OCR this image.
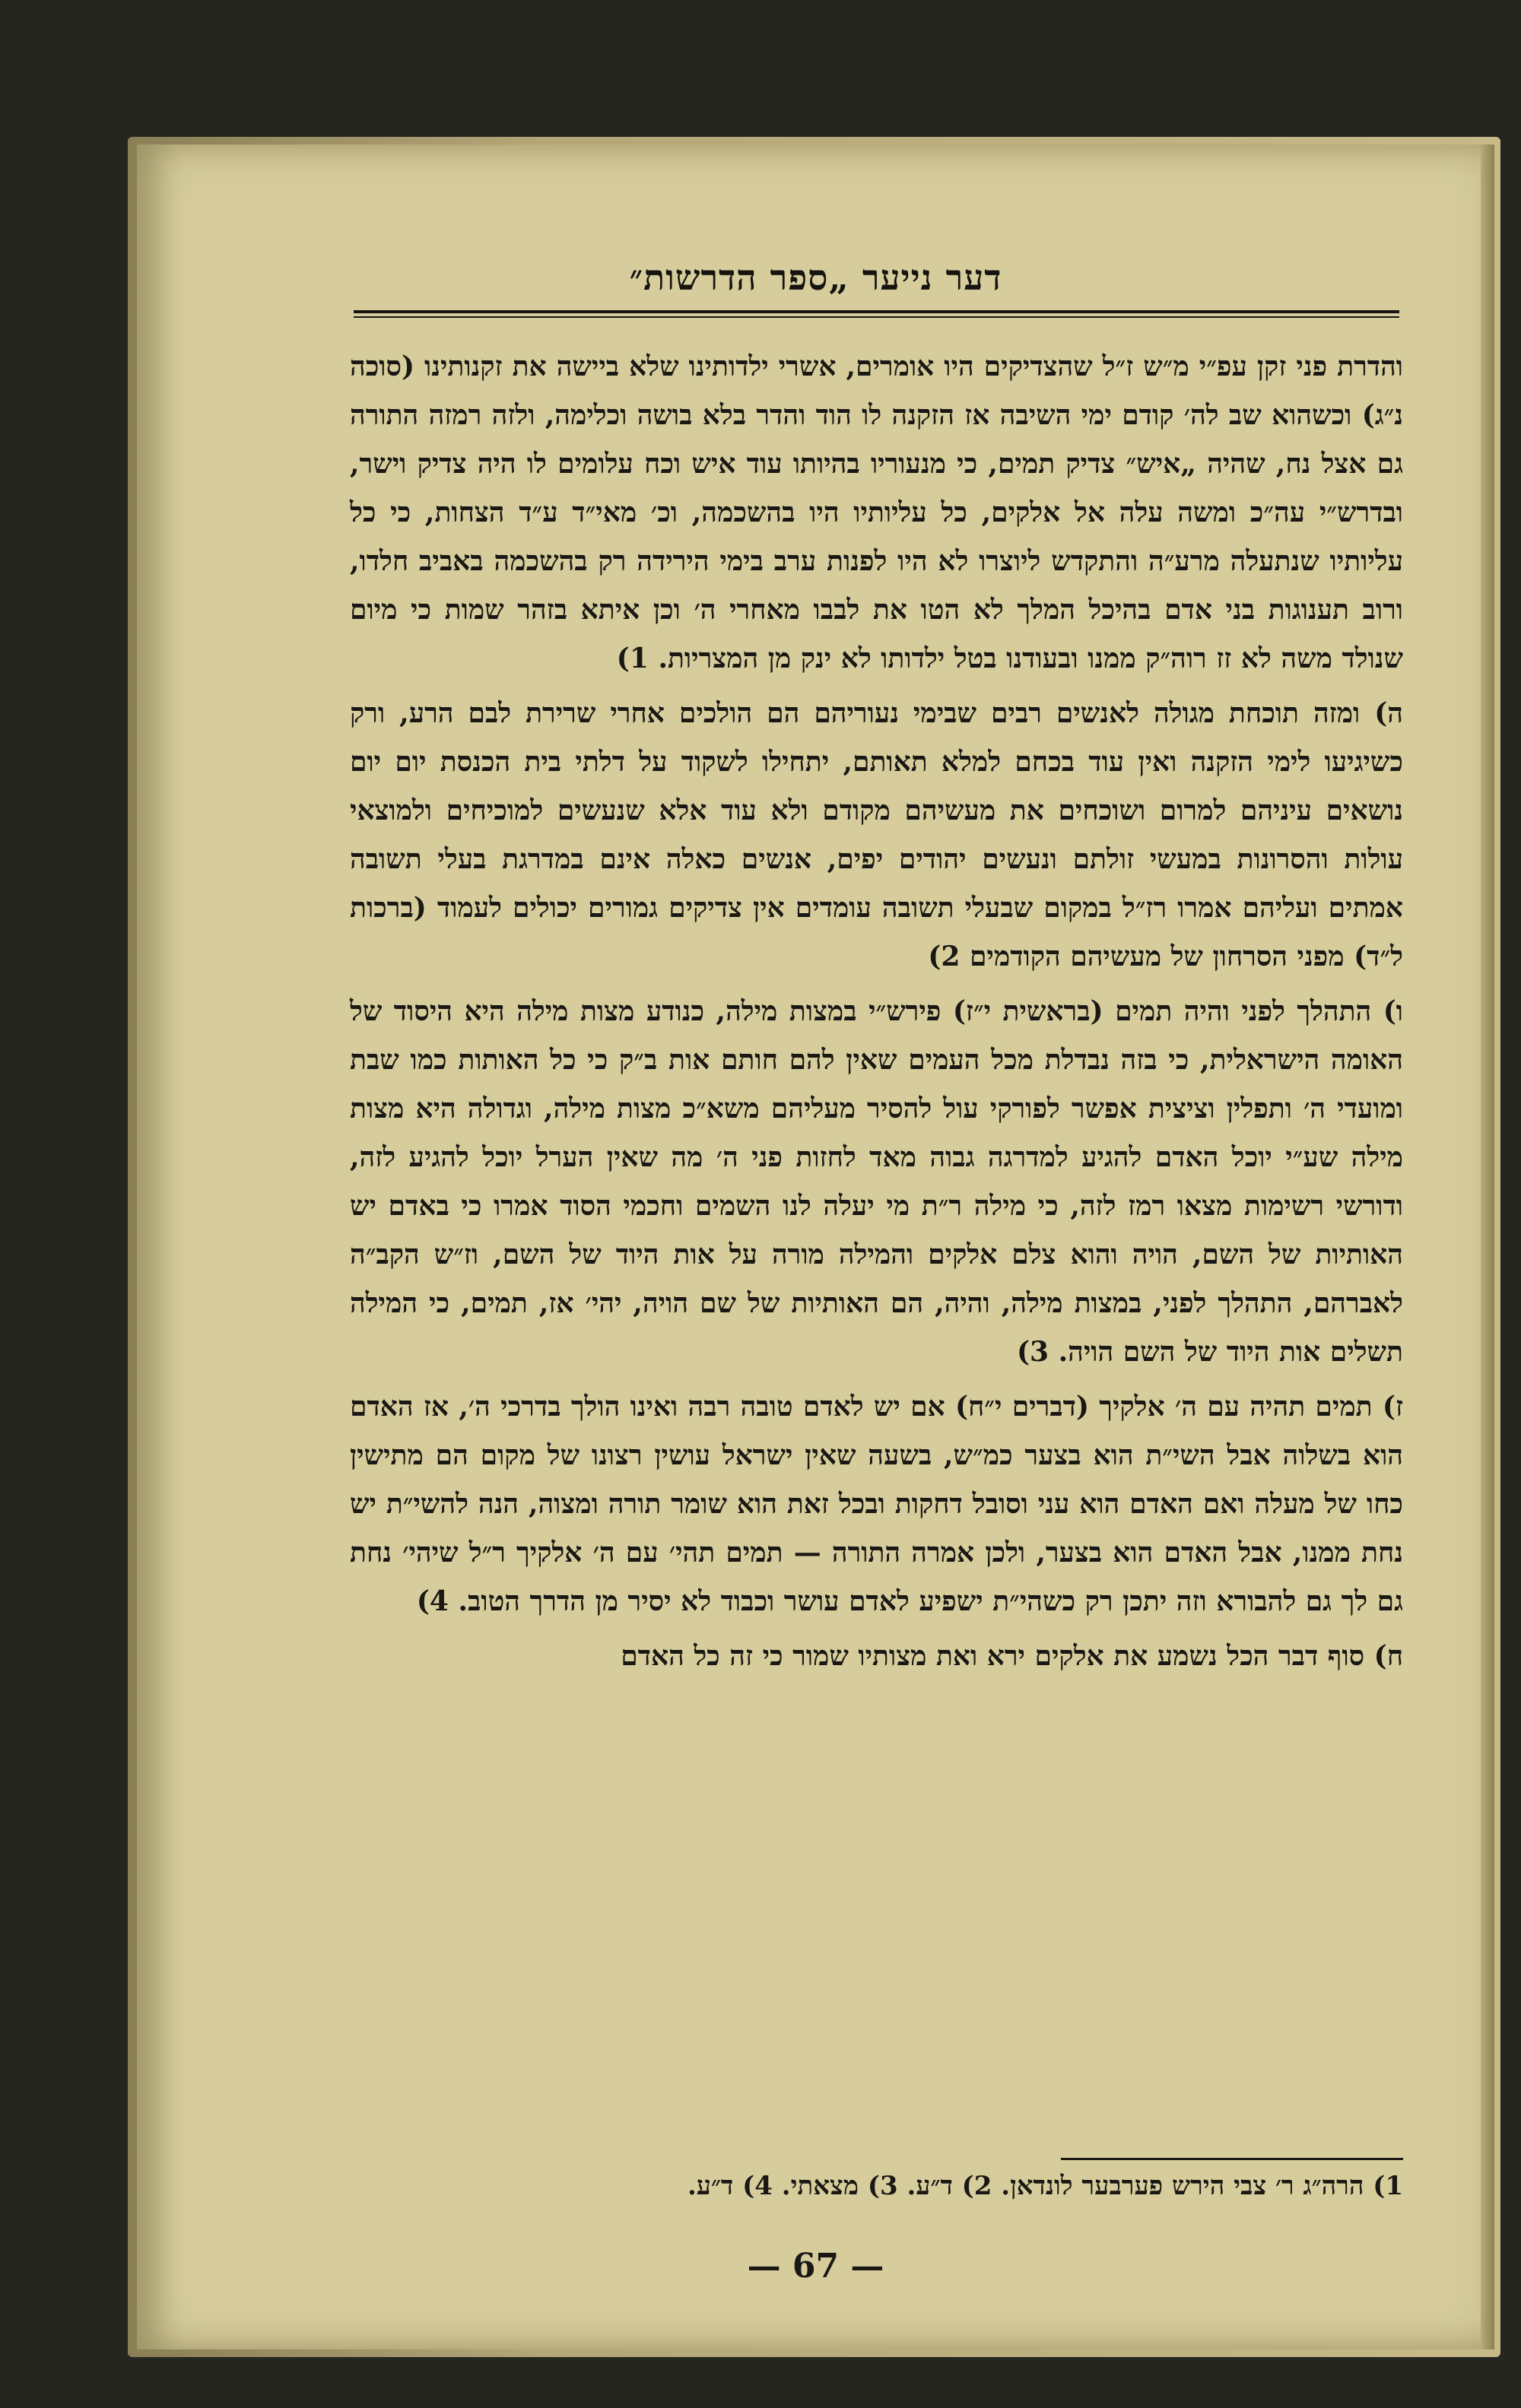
דער נייער „ספר הדרשות״

והדרת פני זקן עפ״י מ״ש ז״ל שהצדיקים היו אומרים, אשרי ילדותינו שלא ביישה את זקנותינו (סוכה נ״ג) וכשהוא שב לה׳ קודם ימי השיבה אז הזקנה לו הוד והדר בלא בושה וכלימה, ולזה רמזה התורה גם אצל נח, שהיה „איש״ צדיק תמים, כי מנעוריו בהיותו עוד איש וכח עלומים לו היה צדיק וישר, ובדרש״י עה״כ ומשה עלה אל אלקים, כל עליותיו היו בהשכמה, וכ׳ מאי״ד ע״ד הצחות, כי כל עליותיו שנתעלה מרע״ה והתקדש ליוצרו לא היו לפנות ערב בימי הירידה רק בהשכמה באביב חלדו, ורוב תענוגות בני אדם בהיכל המלך לא הטו את לבבו מאחרי ה׳ וכן איתא בזהר שמות כי מיום שנולד משה לא זז רוה״ק ממנו ובעודנו בטל ילדותו לא ינק מן המצריות. 1)

ה) ומזה תוכחת מגולה לאנשים רבים שבימי נעוריהם הם הולכים אחרי שרירת לבם הרע, ורק כשיגיעו לימי הזקנה ואין עוד בכחם למלא תאותם, יתחילו לשקוד על דלתי בית הכנסת יום יום נושאים עיניהם למרום ושוכחים את מעשיהם מקודם ולא עוד אלא שנעשים למוכיחים ולמוצאי עולות והסרונות במעשי זולתם ונעשים יהודים יפים, אנשים כאלה אינם במדרגת בעלי תשובה אמתים ועליהם אמרו רז״ל במקום שבעלי תשובה עומדים אין צדיקים גמורים יכולים לעמוד (ברכות ל״ד) מפני הסרחון של מעשיהם הקודמים 2)

ו) התהלך לפני והיה תמים (בראשית י״ז) פירש״י במצות מילה, כנודע מצות מילה היא היסוד של האומה הישראלית, כי בזה נבדלת מכל העמים שאין להם חותם אות ב״ק כי כל האותות כמו שבת ומועדי ה׳ ותפלין וציצית אפשר לפורקי עול להסיר מעליהם משא״כ מצות מילה, וגדולה היא מצות מילה שע״י יוכל האדם להגיע למדרגה גבוה מאד לחזות פני ה׳ מה שאין הערל יוכל להגיע לזה, ודורשי רשימות מצאו רמז לזה, כי מילה ר״ת מי יעלה לנו השמים וחכמי הסוד אמרו כי באדם יש האותיות של השם, הויה והוא צלם אלקים והמילה מורה על אות היוד של השם, וז״ש הקב״ה לאברהם, התהלך לפני, במצות מילה, והיה, הם האותיות של שם הויה, יהי׳ אז, תמים, כי המילה תשלים אות היוד של השם הויה. 3)

ז) תמים תהיה עם ה׳ אלקיך (דברים י״ח) אם יש לאדם טובה רבה ואינו הולך בדרכי ה׳, אז האדם הוא בשלוה אבל השי״ת הוא בצער כמ״ש, בשעה שאין ישראל עושין רצונו של מקום הם מתישין כחו של מעלה ואם האדם הוא עני וסובל דחקות ובכל זאת הוא שומר תורה ומצוה, הנה להשי״ת יש נחת ממנו, אבל האדם הוא בצער, ולכן אמרה התורה — תמים תהי׳ עם ה׳ אלקיך ר״ל שיהי׳ נחת גם לך גם להבורא וזה יתכן רק כשהי״ת ישפיע לאדם עושר וכבוד לא יסיר מן הדרך הטוב. 4)

ח) סוף דבר הכל נשמע את אלקים ירא ואת מצותיו שמור כי זה כל האדם

1) הרה״ג ר׳ צבי הירש פערבער לונדאן. 2) ד״ע. 3) מצאתי. 4) ד״ע.
— 67 —
